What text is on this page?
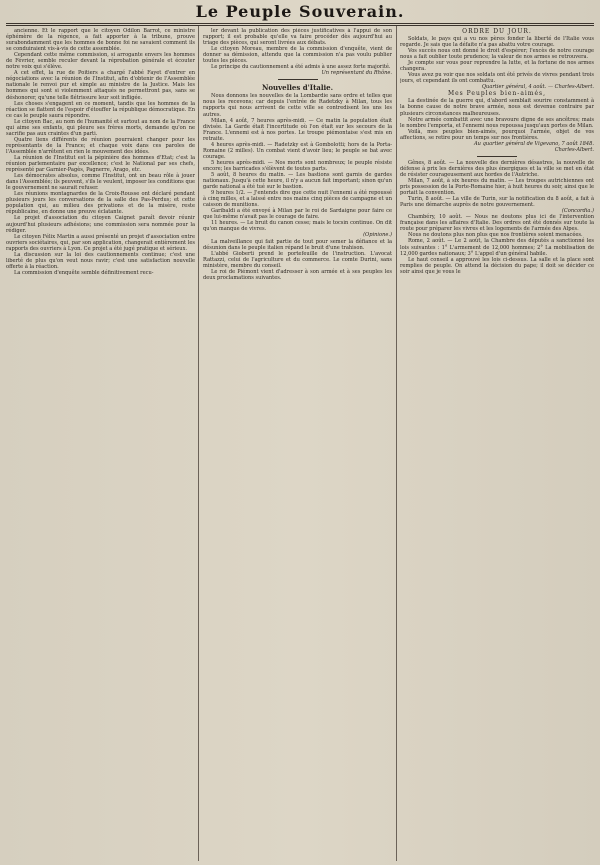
Le Peuple Souverain.

ancienne. Et le rapport que le citoyen Odilon Barrot, ce ministre éphémère de la régence, a fait apporter à la tribune, prouve surabondamment que les hommes de bonne foi ne savaient comment ils se conduiraient vis-à-vis de cette assemblée.

Cependant cette même commission, si arrogante envers les hommes de Février, semble reculer devant la réprobation générale et écouter notre voix qui s'élève.

A cet effet, la rue de Poitiers a chargé l'abbé Fayet d'entrer en négociations avec la réunion de l'Institut, afin d'obtenir de l'Assemblée nationale le renvoi pur et simple au ministre de la Justice. Mais les hommes qui sont si violemment attaqués ne permettront pas, sans se déshonorer, qu'une telle flétrissure leur soit infligée.

Les choses s'engagent en ce moment, tandis que les hommes de la réaction se flattent de l'espoir d'étouffer la république démocratique. En ce cas le peuple saura répondre.

Le citoyen Bac, au nom de l'humanité et surtout au nom de la France qui aime ses enfants, qui pleure ses frères morts, demande qu'on ne sacrifie pas aux craintes d'un parti.

Quatre liens différents de réunion pourraient changer pour les représentants de la France; et chaque voix dans ces paroles de l'Assemblée n'arrêtent en rien le mouvement des idées.

La réunion de l'Institut est la pépinière des hommes d'Etat; c'est la réunion parlementaire par excellence; c'est le National par ses chefs, représenté par Garnier-Pagès, Pagnerre, Arago, etc.

Les démocrates absolus, comme l'Institut, ont un beau rôle à jouer dans l'Assemblée; ils peuvent, s'ils le veulent, imposer les conditions que le gouvernement ne saurait refuser.

Les réunions montagnardes de la Croix-Rousse ont déclaré pendant plusieurs jours les conversations de la salle des Pas-Perdus; et cette population qui, au milieu des privations et de la misère, reste républicaine, en donne une preuve éclatante.

Le projet d'association du citoyen Caignet paraît devoir réunir aujourd'hui plusieurs adhésions; une commission sera nommée pour la rédiger.

Le citoyen Félix Martin a aussi présenté un projet d'association entre ouvriers sociétaires, qui, par son application, changerait entièrement les rapports des ouvriers à Lyon. Ce projet a été jugé pratique et sérieux.

La discussion sur la loi des cautionnements continue; c'est une liberté de plus qu'on veut nous ravir; c'est une satisfaction nouvelle offerte à la réaction.

La commission d'enquête semble définitivement recu-

ler devant la publication des pièces justificatives à l'appui de son rapport; il est probable qu'elle va faire procéder dès aujourd'hui au triage des pièces, qui seront livrées aux débats.

Le citoyen Moreau, membre de la commission d'enquête, vient de donner sa démission, attendu que la commission n'a pas voulu publier toutes les pièces.

Le principe du cautionnement a été admis à une assez forte majorité.

Un représentant du Rhône.

Nouvelles d'Italie.

Nous donnons les nouvelles de la Lombardie sans ordre et telles que nous les recevons; car depuis l'entrée de Radetzky à Milan, tous les rapports qui nous arrivent de cette ville se contredisent les uns les autres.

Milan, 4 août, 7 heures après-midi. — Ce matin la population était divisée. La Garde était l'incertitude où l'on était sur les secours de la France. L'ennemi est à nos portes. Le troupe piémontaise s'est mis en retraite.

4 heures après-midi. — Radetzky est à Gombolotti; hors de la Porta-Romaine (2 milles). Un combat vient d'avoir lieu; le peuple se bat avec courage.

5 heures après-midi. — Nos morts sont nombreux; le peuple résiste encore; les barricades s'élèvent de toutes parts.

5 août, 8 heures du matin. — Les bastions sont garnis de gardes nationaux. Jusqu'à cette heure, il n'y a aucun fait important; sinon qu'un garde national a été tué sur le bastion.

9 heures 1/2. — J'entends dire que cette nuit l'ennemi a été repoussé à cinq milles, et a laissé entre nos mains cinq pièces de campagne et un caisson de munitions.

Garibaldi a été envoyé à Milan par le roi de Sardaigne pour faire ce que lui-même n'avait pas le courage de faire.

11 heures. — Le bruit du canon cesse; mais le tocsin continue. On dit qu'on manque de vivres.

(Opinione.)

La malveillance qui fait partie de tout pour semer la défiance et la désunion dans le peuple italien répand le bruit d'une trahison.

L'abbé Gioberti prend le portefeuille de l'instruction. L'avocat Rattazzi, celui de l'agriculture et du commerce. Le comte Durini, sans ministère, membre du conseil.

Le roi de Piémont vient d'adresser à son armée et à ses peuples les deux proclamations suivantes.

ORDRE DU JOUR.

Soldats, le pays qui a vu nos pères fonder la liberté de l'Italie vous regarde. Je sais que la défaite n'a pas abattu votre courage.

Vos succès nous ont donné le droit d'espérer; l'excès de notre courage nous a fait oublier toute prudence; la valeur de nos armes se retrouvera.

Je compte sur vous pour reprendre la lutte, et la fortune de nos armes changera.

Vous avez pu voir que nos soldats ont été privés de vivres pendant trois jours, et cependant ils ont combattu.

Quartier général, 4 août. — Charles-Albert.

Mes Peuples bien-aimés,

La destinée de la guerre qui, d'abord semblait sourire constamment à la bonne cause de notre brave armée, nous est devenue contraire par plusieurs circonstances malheureuses.

Notre armée combattit avec une bravoure digne de ses ancêtres; mais le nombre l'emporta, et l'ennemi nous repoussa jusqu'aux portes de Milan.

Voilà, mes peuples bien-aimés, pourquoi l'armée, objet de vos affections, se retire pour un temps sur nos frontières.

Au quartier général de Vigevano, 7 août 1848.

Charles-Albert.

Gênes, 8 août. — La nouvelle des dernières désastres, la nouvelle de défense à prix les dernières des plus énergiques et la ville se met en état de résister courageusement aux hordes de l'Autriche.

Milan, 7 août, à six heures du matin. — Les troupes autrichiennes ont pris possession de la Porte-Romaine hier, à huit heures du soir, ainsi que le portait la convention.

Turin, 8 août. — La ville de Turin, sur la notification du 8 août, a fait à Paris une démarche auprès de notre gouvernement.

(Concordia.)

Chambéry, 10 août. — Nous ne doutons plus ici de l'intervention française dans les affaires d'Italie. Des ordres ont été donnés sur toute la route pour préparer les vivres et les logements de l'armée des Alpes.

Nous ne doutons plus non plus que nos frontières soient menacées.

Rome, 2 août. — Le 2 août, la Chambre des députés a sanctionné les lois suivantes : 1° L'armement de 12,000 hommes; 2° La mobilisation de 12,000 gardes nationaux; 3° L'appel d'un général habile.

Le haut conseil a approuvé les lois ci-dessus. La salle et la place sont remplies de peuple. On attend la décision du pape; il doit se décider ce soir ainsi que je vous le
